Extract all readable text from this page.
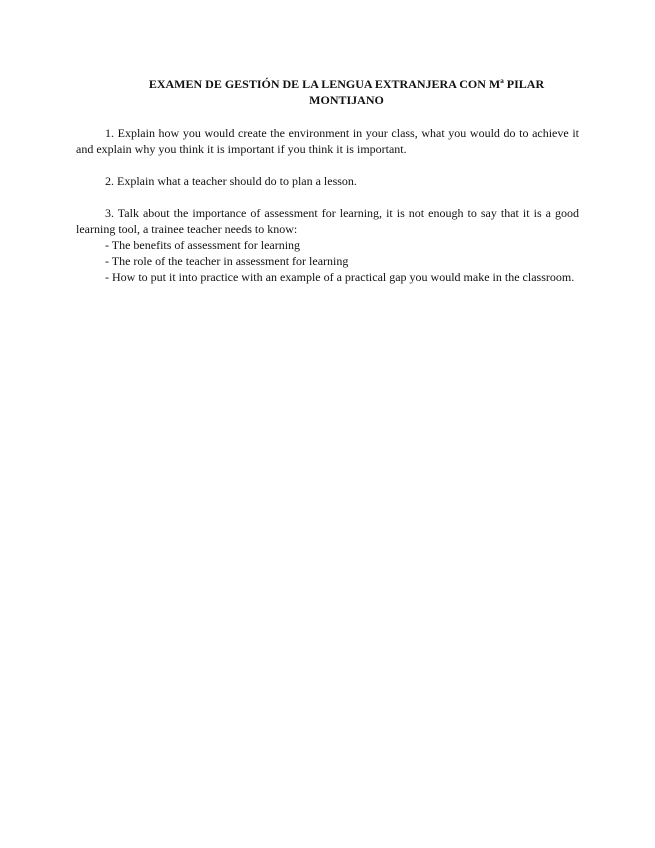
EXAMEN DE GESTIÓN DE LA LENGUA EXTRANJERA CON Mª PILAR
MONTIJANO

1. Explain how you would create the environment in your class, what you would do to achieve it and explain why you think it is important if you think it is important.

2. Explain what a teacher should do to plan a lesson.

3. Talk about the importance of assessment for learning, it is not enough to say that it is a good learning tool, a trainee teacher needs to know:

- The benefits of assessment for learning

- The role of the teacher in assessment for learning

- How to put it into practice with an example of a practical gap you would make in the classroom.
